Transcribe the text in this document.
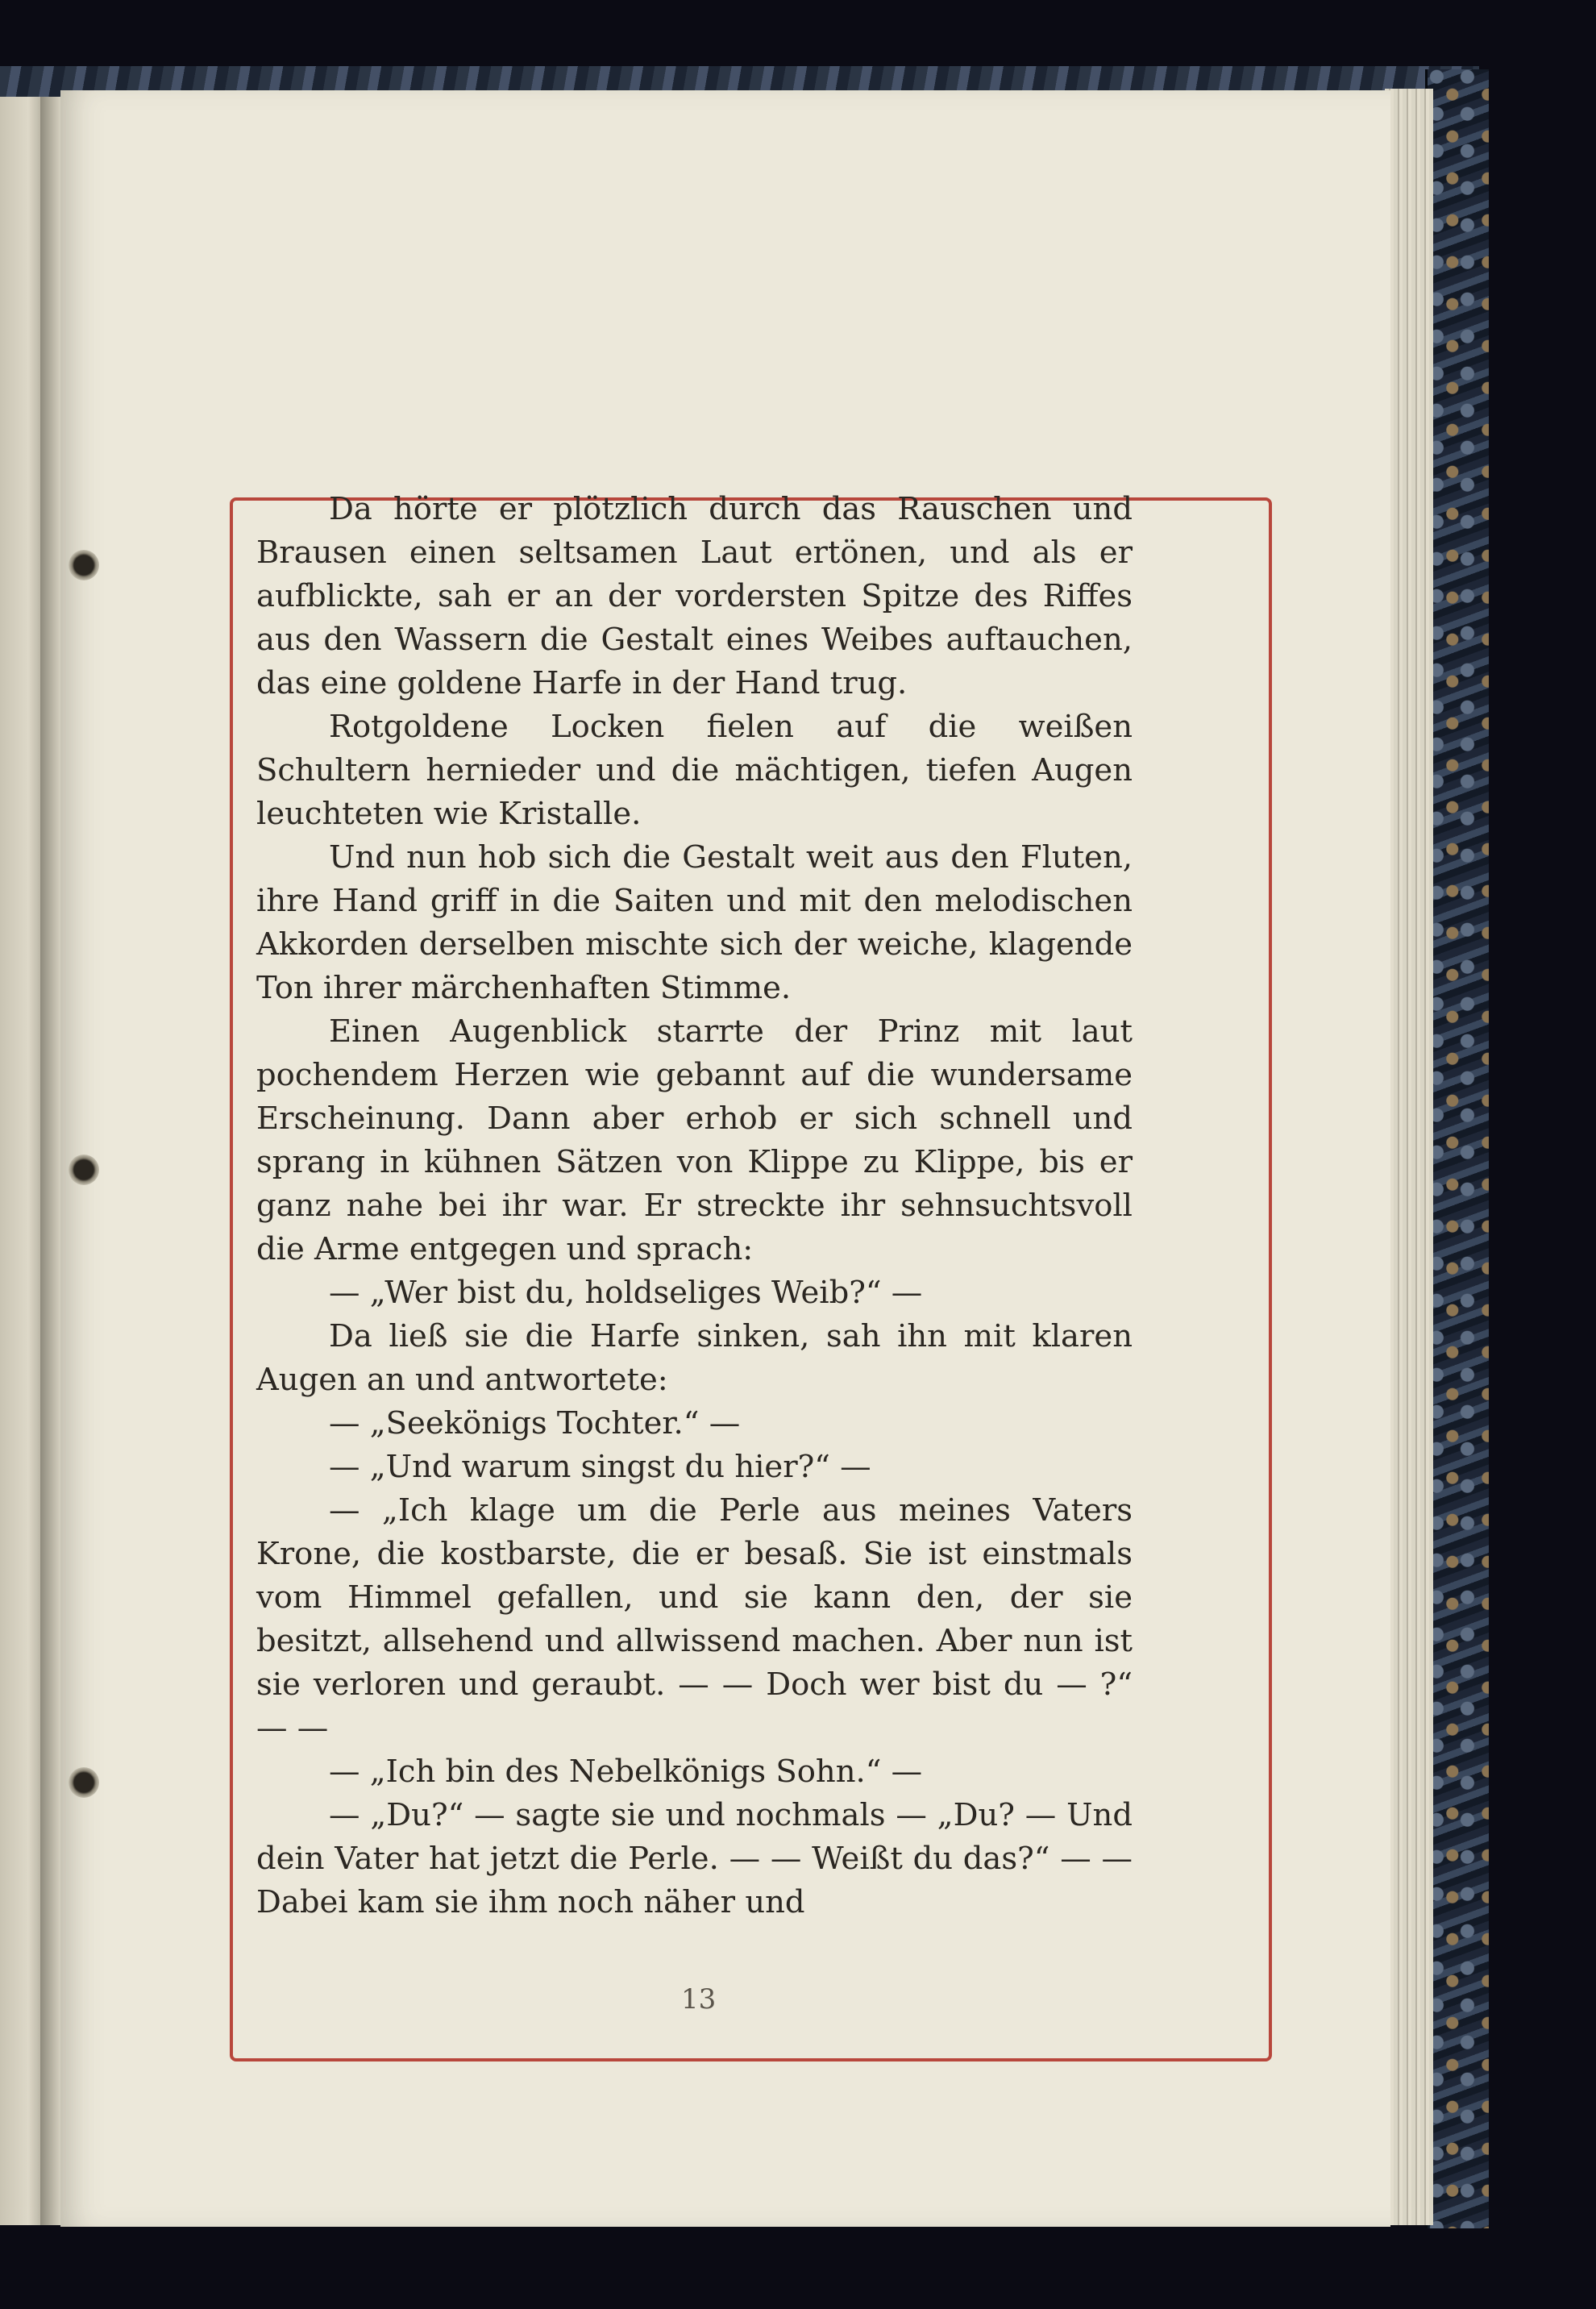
Da hörte er plötzlich durch das Rauschen und Brausen einen seltsamen Laut ertönen, und als er aufblickte, sah er an der vordersten Spitze des Riffes aus den Wassern die Gestalt eines Weibes auftauchen, das eine goldene Harfe in der Hand trug.

Rotgoldene Locken fielen auf die weißen Schultern hernieder und die mächtigen, tiefen Augen leuchteten wie Kristalle.

Und nun hob sich die Gestalt weit aus den Fluten, ihre Hand griff in die Saiten und mit den melodischen Akkorden derselben mischte sich der weiche, klagende Ton ihrer märchenhaften Stimme.

Einen Augenblick starrte der Prinz mit laut pochendem Herzen wie gebannt auf die wundersame Erscheinung. Dann aber erhob er sich schnell und sprang in kühnen Sätzen von Klippe zu Klippe, bis er ganz nahe bei ihr war. Er streckte ihr sehnsuchtsvoll die Arme entgegen und sprach:

— „Wer bist du, holdseliges Weib?“ —

Da ließ sie die Harfe sinken, sah ihn mit klaren Augen an und antwortete:

— „Seekönigs Tochter.“ —

— „Und warum singst du hier?“ —

— „Ich klage um die Perle aus meines Vaters Krone, die kostbarste, die er besaß. Sie ist einstmals vom Himmel gefallen, und sie kann den, der sie besitzt, allsehend und allwissend machen. Aber nun ist sie verloren und geraubt. — — Doch wer bist du — ?“ — —

— „Ich bin des Nebelkönigs Sohn.“ —

— „Du?“ — sagte sie und nochmals — „Du? — Und dein Vater hat jetzt die Perle. — — Weißt du das?“ — — Dabei kam sie ihm noch näher und

13
